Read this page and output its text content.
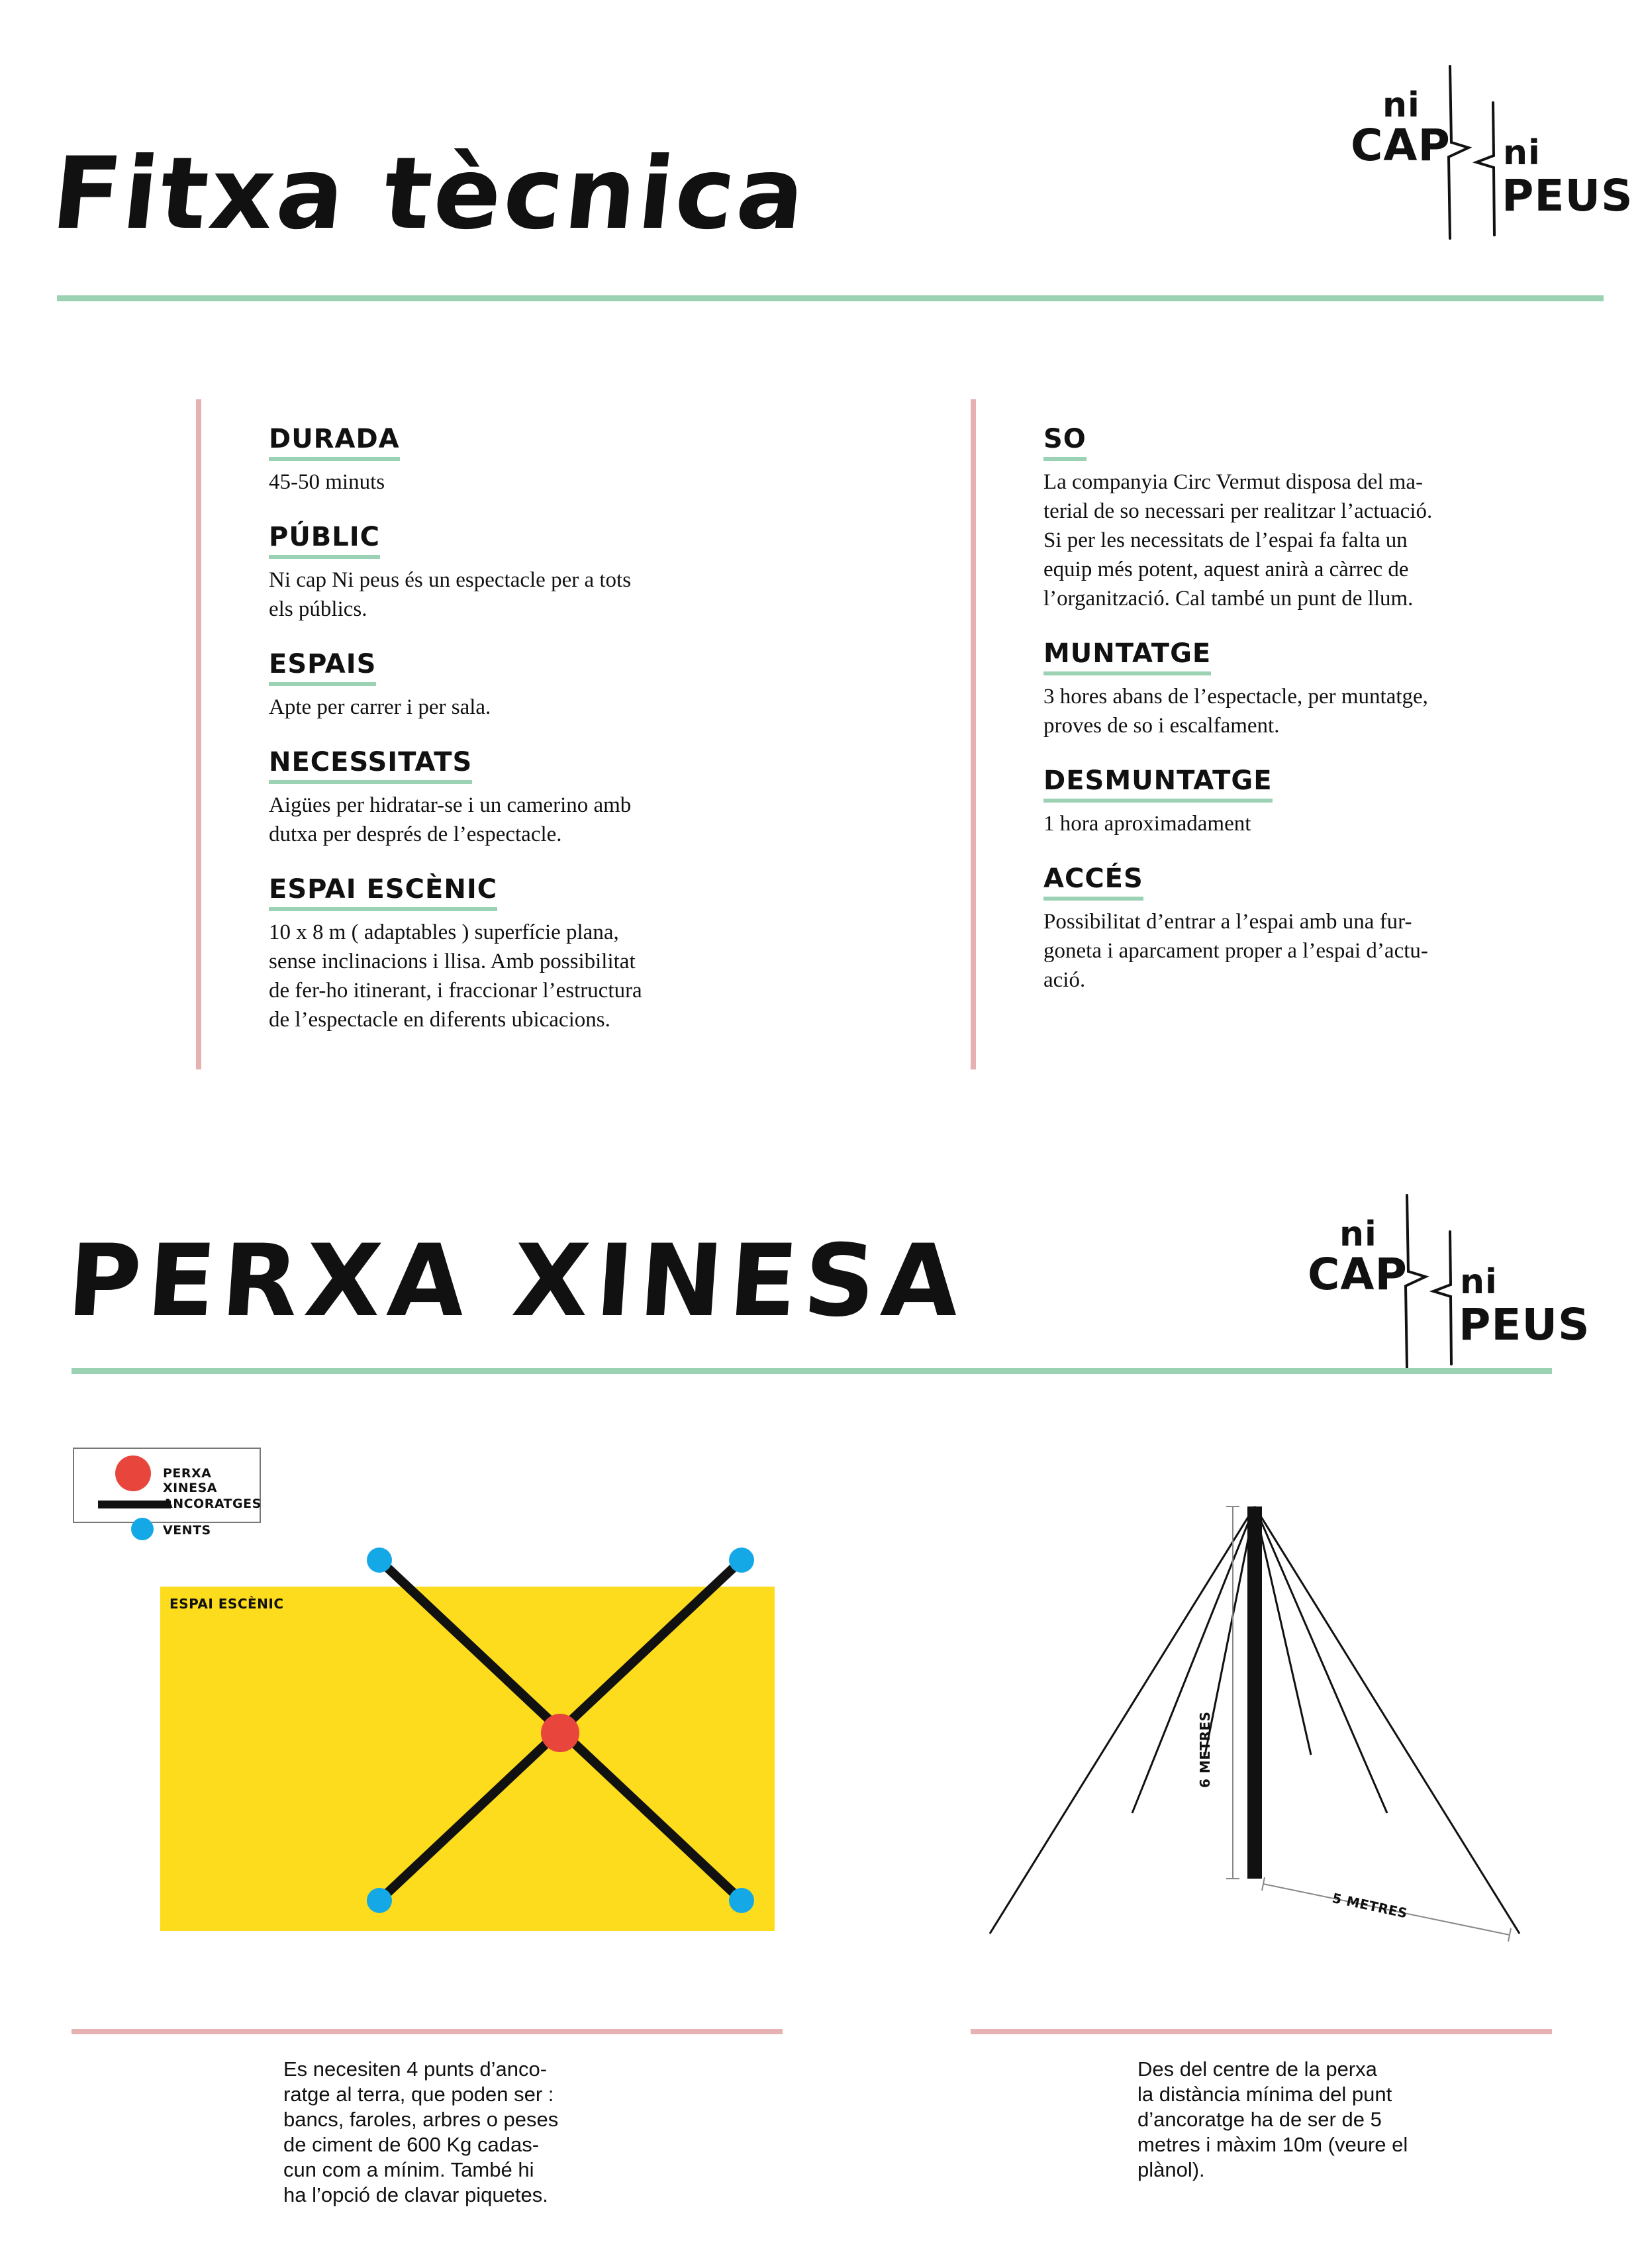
Fitxa tècnica
ni
CAP ni
PEUS
DURADA

45-50 minuts

PÚBLIC

Ni cap Ni peus és un espectacle per a tots
els públics.

ESPAIS

Apte per carrer i per sala.

NECESSITATS

Aigües per hidratar-se i un camerino amb
dutxa per després de l’espectacle.

ESPAI ESCÈNIC

10 x 8 m ( adaptables ) superfície plana,
sense inclinacions i llisa. Amb possibilitat
de fer-ho itinerant, i fraccionar l’estructura
de l’espectacle en diferents ubicacions.

SO

La companyia Circ Vermut disposa del ma-
terial de so necessari per realitzar l’actuació.
Si per les necessitats de l’espai fa falta un
equip més potent, aquest anirà a càrrec de
l’organització. Cal també un punt de llum.

MUNTATGE

3 hores abans de l’espectacle, per muntatge,
proves de so i escalfament.

DESMUNTATGE

1 hora aproximadament

ACCÉS

Possibilitat d’entrar a l’espai amb una fur-
goneta i aparcament proper a l’espai d’actu-
ació.

PERXA XINESA	ni
CAP ni
PEUS
PERXA XINESA
ANCORATGES
VENTS
ESPAI ESCÈNIC
6 METRES
5 METRES

Es necesiten 4 punts d’anco-
ratge al terra, que poden ser :
bancs, faroles, arbres o peses
de ciment de 600 Kg cadas-
cun com a mínim. També hi
ha l’opció de clavar piquetes.

Des del centre de la perxa
la distància mínima del punt
d’ancoratge ha de ser de 5
metres i màxim 10m (veure el
plànol).
